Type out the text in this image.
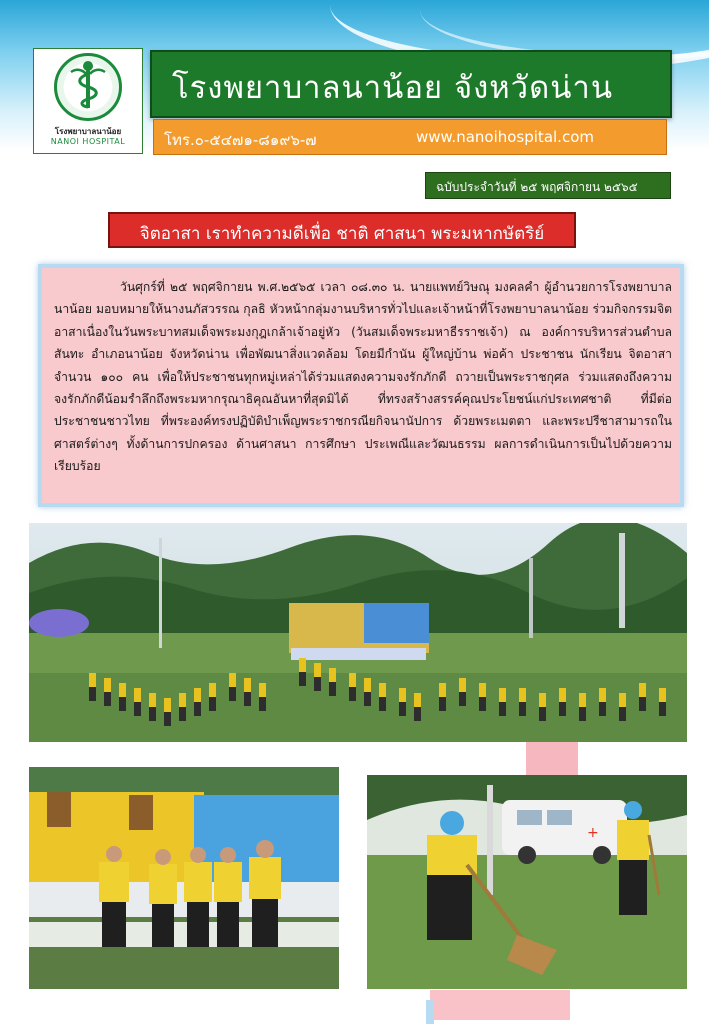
โรงพยาบาลนาน้อย
NANOI HOSPITAL
โรงพยาบาลนาน้อย จังหวัดน่าน
โทร.๐-๕๔๗๑-๘๑๙๖-๗	www.nanoihospital.com
ฉบับประจำวันที่ ๒๕ พฤศจิกายน ๒๕๖๕
จิตอาสา เราทำความดีเพื่อ ชาติ ศาสนา พระมหากษัตริย์
วันศุกร์ที่ ๒๕ พฤศจิกายน พ.ศ.๒๕๖๕ เวลา ๐๘.๓๐ น. นายแพทย์วิษณุ มงคลคำ ผู้อำนวยการโรงพยาบาลนาน้อย มอบหมายให้นางนภัสวรรณ กุลธิ หัวหน้ากลุ่มงานบริหารทั่วไปและเจ้าหน้าที่โรงพยาบาลนาน้อย ร่วมกิจกรรมจิตอาสาเนื่องในวันพระบาทสมเด็จพระมงกุฎเกล้าเจ้าอยู่หัว (วันสมเด็จพระมหาธีรราชเจ้า) ณ องค์การบริหารส่วนตำบลสันทะ อำเภอนาน้อย จังหวัดน่าน เพื่อพัฒนาสิ่งแวดล้อม โดยมีกำนัน ผู้ใหญ่บ้าน พ่อค้า ประชาชน นักเรียน จิตอาสา จำนวน ๑๐๐ คน เพื่อให้ประชาชนทุกหมู่เหล่าได้ร่วมแสดงความจงรักภักดี ถวายเป็นพระราชกุศล ร่วมแสดงถึงความจงรักภักดีน้อมรำลึกถึงพระมหากรุณาธิคุณอันหาที่สุดมิได้ ที่ทรงสร้างสรรค์คุณประโยชน์แก่ประเทศชาติ ที่มีต่อประชาชนชาวไทย ที่พระองค์ทรงปฏิบัติบำเพ็ญพระราชกรณียกิจนานัปการ ด้วยพระเมตตา และพระปรีชาสามารถในศาสตร์ต่างๆ ทั้งด้านการปกครอง ด้านศาสนา การศึกษา ประเพณีและวัฒนธรรม ผลการดำเนินการเป็นไปด้วยความเรียบร้อย
+
